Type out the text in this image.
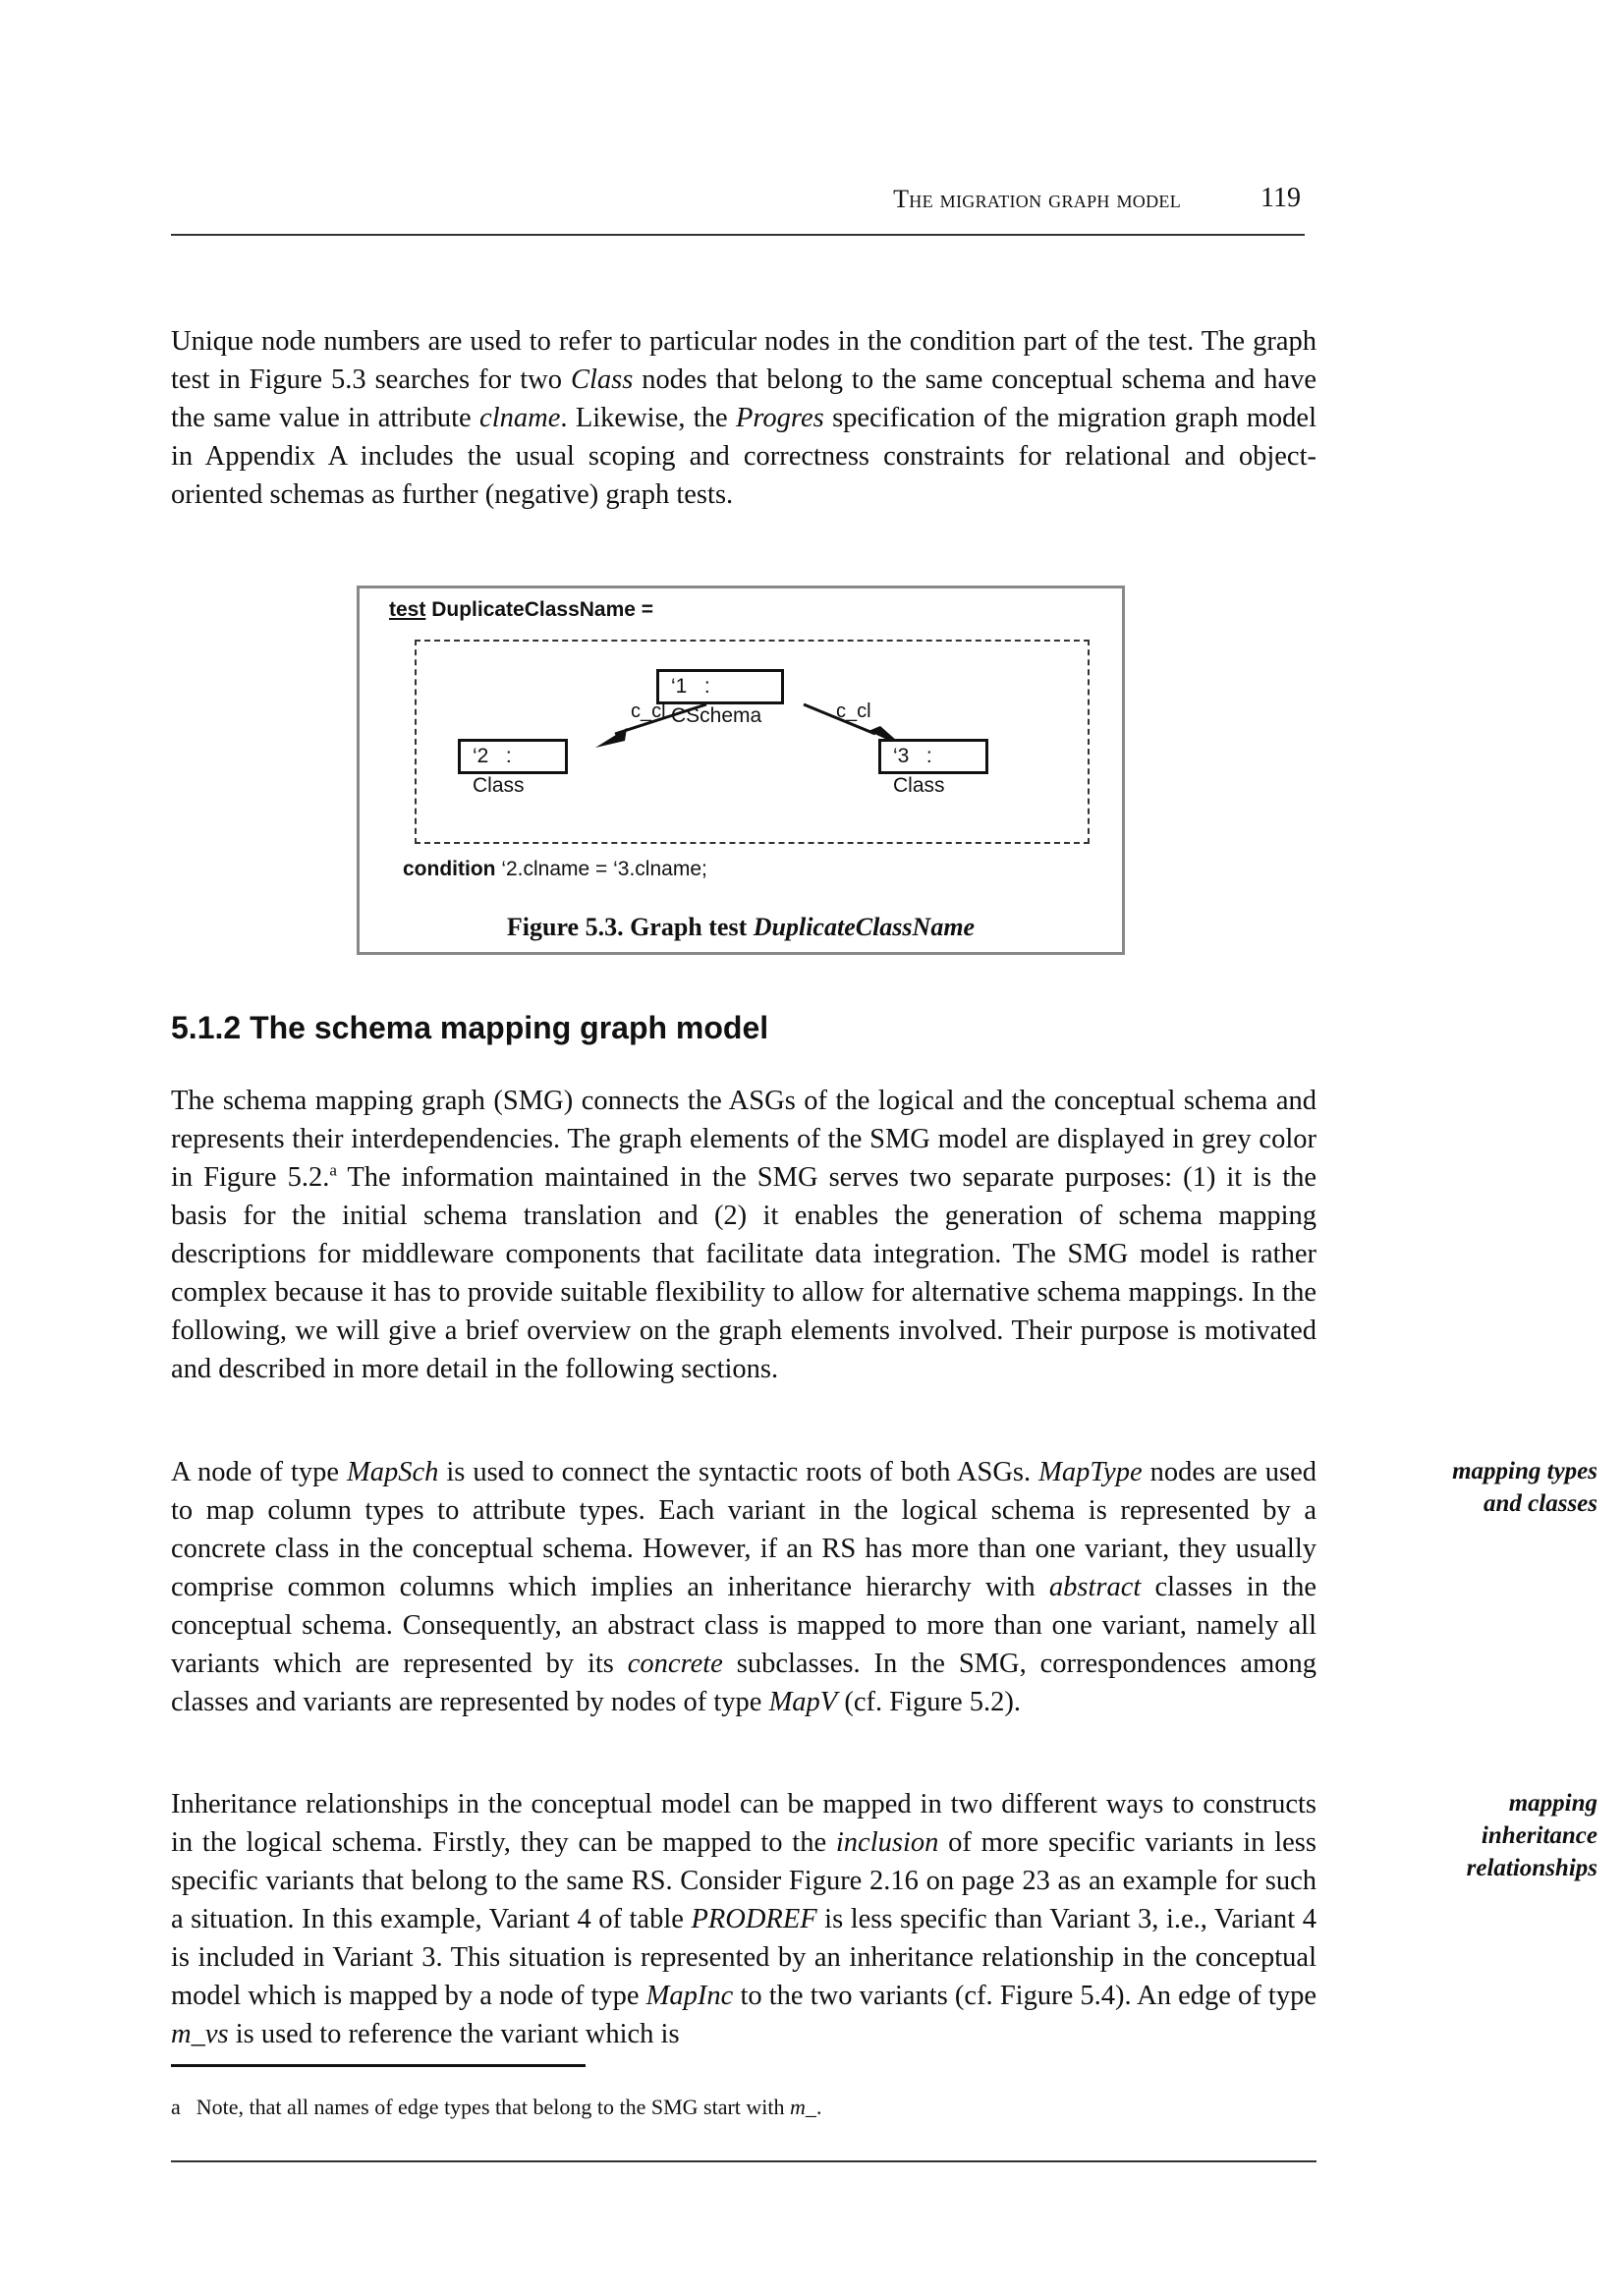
The migration graph model	119

Unique node numbers are used to refer to particular nodes in the condition part of the test. The graph test in Figure 5.3 searches for two Class nodes that belong to the same conceptual schema and have the same value in attribute clname. Likewise, the Progres specification of the migration graph model in Appendix A includes the usual scoping and correctness constraints for relational and object-oriented schemas as further (negative) graph tests.

test DuplicateClassName =
‘1 : CSchema
‘2 : Class
‘3 : Class
c_cl	c_cl
condition ‘2.clname = ‘3.clname;
Figure 5.3. Graph test DuplicateClassName
5.1.2 The schema mapping graph model

The schema mapping graph (SMG) connects the ASGs of the logical and the conceptual schema and represents their interdependencies. The graph elements of the SMG model are displayed in grey color in Figure 5.2.$^a$ The information maintained in the SMG serves two separate purposes: (1) it is the basis for the initial schema translation and (2) it enables the generation of schema mapping descriptions for middleware components that facilitate data integration. The SMG model is rather complex because it has to provide suitable flexibility to allow for alternative schema mappings. In the following, we will give a brief overview on the graph elements involved. Their purpose is motivated and described in more detail in the following sections.

A node of type MapSch is used to connect the syntactic roots of both ASGs. MapType nodes are used to map column types to attribute types. Each variant in the logical schema is represented by a concrete class in the conceptual schema. However, if an RS has more than one variant, they usually comprise common columns which implies an inheritance hierarchy with abstract classes in the conceptual schema. Consequently, an abstract class is mapped to more than one variant, namely all variants which are represented by its concrete subclasses. In the SMG, correspondences among classes and variants are represented by nodes of type MapV (cf. Figure 5.2).

mapping types
and classes

Inheritance relationships in the conceptual model can be mapped in two different ways to constructs in the logical schema. Firstly, they can be mapped to the inclusion of more specific variants in less specific variants that belong to the same RS. Consider Figure 2.16 on page 23 as an example for such a situation. In this example, Variant 4 of table PRODREF is less specific than Variant 3, i.e., Variant 4 is included in Variant 3. This situation is represented by an inheritance relationship in the conceptual model which is mapped by a node of type MapInc to the two variants (cf. Figure 5.4). An edge of type m_vs is used to reference the variant which is

mapping
inheritance
relationships
a Note, that all names of edge types that belong to the SMG start with m_.
